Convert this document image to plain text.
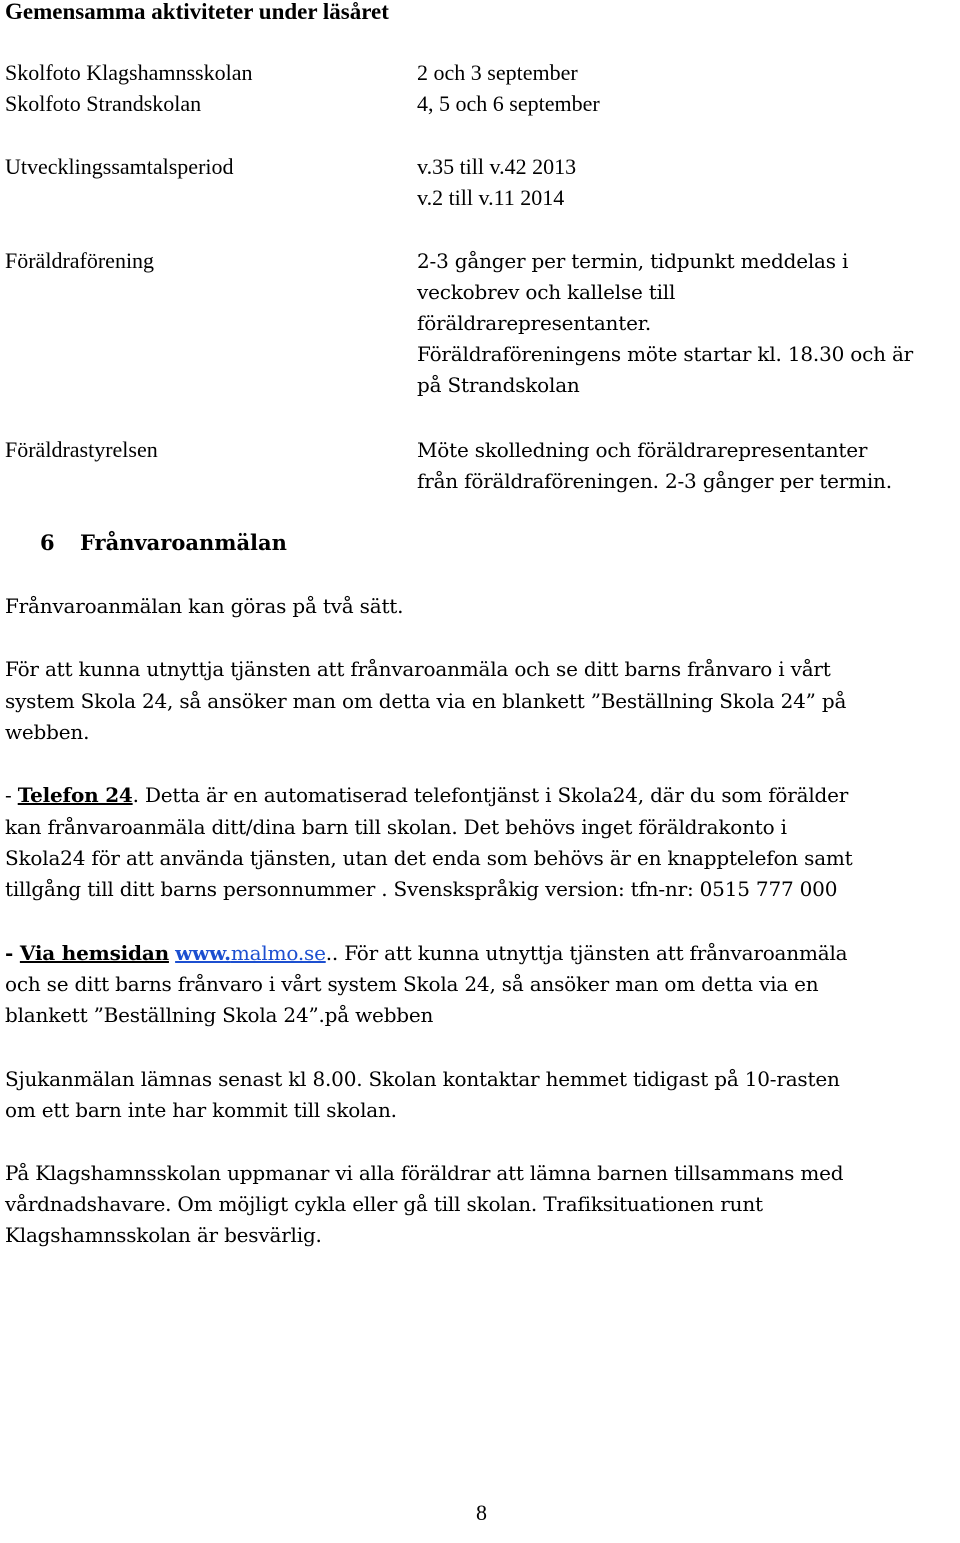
Gemensamma aktiviteter under läsåret
Skolfoto Klagshamnsskolan	2 och 3 september
Skolfoto Strandskolan	4, 5 och 6 september
Utvecklingssamtalsperiod	v.35 till v.42 2013
v.2 till v.11 2014
Föräldraförening	2-3 gånger per termin, tidpunkt meddelas i
veckobrev och kallelse till
föräldrarepresentanter.
Föräldraföreningens möte startar kl. 18.30 och är
på Strandskolan
Föräldrastyrelsen	Möte skolledning och föräldrarepresentanter
från föräldraföreningen. 2-3 gånger per termin.
6 Frånvaroanmälan
Frånvaroanmälan kan göras på två sätt.
För att kunna utnyttja tjänsten att frånvaroanmäla och se ditt barns frånvaro i vårt
system Skola 24, så ansöker man om detta via en blankett ”Beställning Skola 24” på
webben.
- Telefon 24. Detta är en automatiserad telefontjänst i Skola24, där du som förälder
kan frånvaroanmäla ditt/dina barn till skolan. Det behövs inget föräldrakonto i
Skola24 för att använda tjänsten, utan det enda som behövs är en knapptelefon samt
tillgång till ditt barns personnummer . Svenskspråkig version: tfn-nr: 0515 777 000
- Via hemsidan www.malmo.se.. För att kunna utnyttja tjänsten att frånvaroanmäla
och se ditt barns frånvaro i vårt system Skola 24, så ansöker man om detta via en
blankett ”Beställning Skola 24”.på webben
Sjukanmälan lämnas senast kl 8.00. Skolan kontaktar hemmet tidigast på 10-rasten
om ett barn inte har kommit till skolan.
På Klagshamnsskolan uppmanar vi alla föräldrar att lämna barnen tillsammans med
vårdnadshavare. Om möjligt cykla eller gå till skolan. Trafiksituationen runt
Klagshamnsskolan är besvärlig.
8
